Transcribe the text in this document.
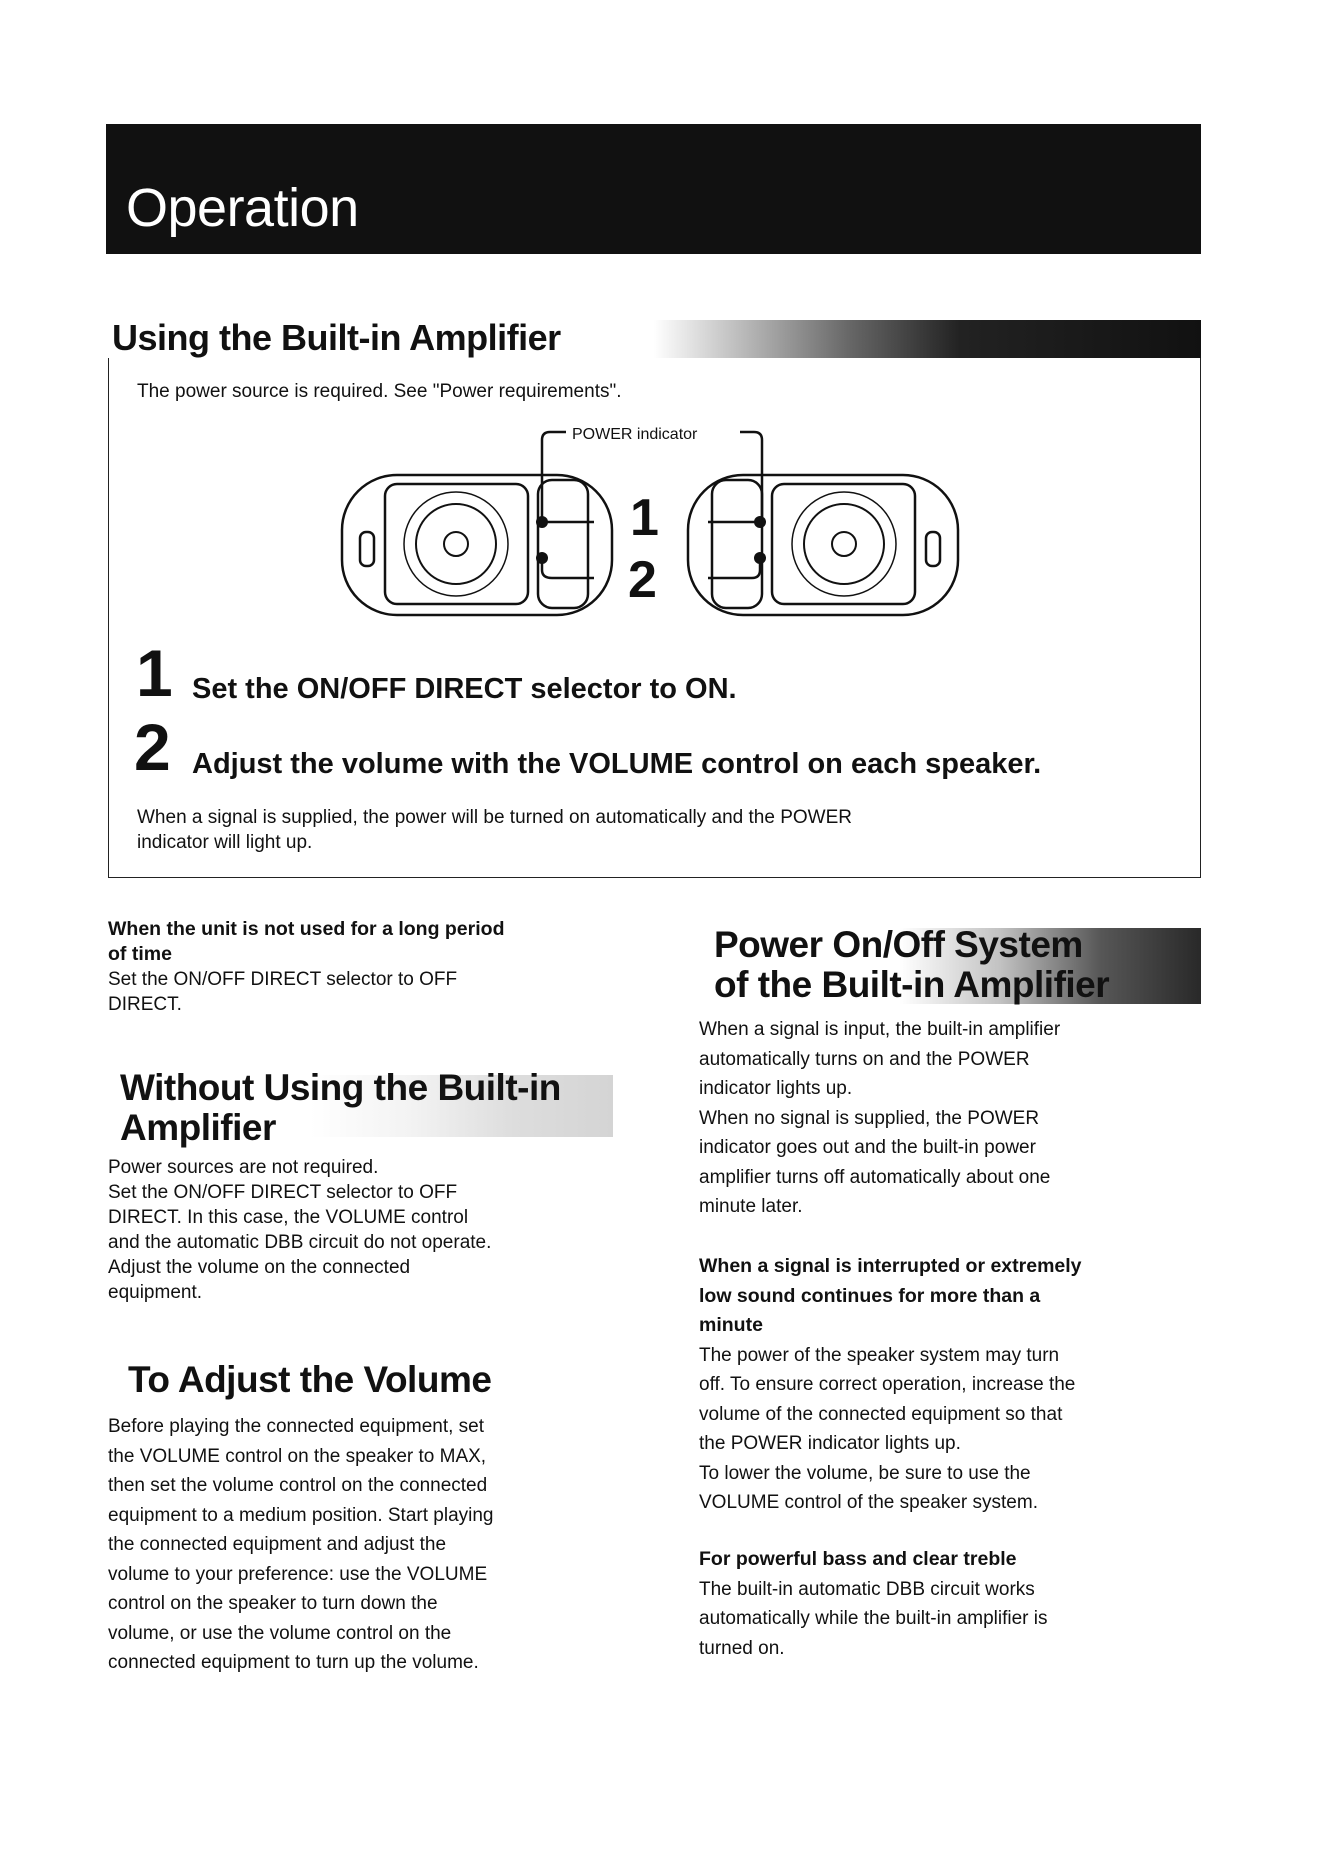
Operation
Using the Built-in Amplifier
The power source is required. See "Power requirements".
POWER indicator
1
2
1 Set the ON/OFF DIRECT selector to ON.
2 Adjust the volume with the VOLUME control on each speaker.
When a signal is supplied, the power will be turned on automatically and the POWER
indicator will light up.
When the unit is not used for a long period
of time
Set the ON/OFF DIRECT selector to OFF
DIRECT.
Without Using the Built-in
Amplifier
Power sources are not required.
Set the ON/OFF DIRECT selector to OFF
DIRECT. In this case, the VOLUME control
and the automatic DBB circuit do not operate.
Adjust the volume on the connected
equipment.
To Adjust the Volume
Before playing the connected equipment, set
the VOLUME control on the speaker to MAX,
then set the volume control on the connected
equipment to a medium position. Start playing
the connected equipment and adjust the
volume to your preference: use the VOLUME
control on the speaker to turn down the
volume, or use the volume control on the
connected equipment to turn up the volume.
Power On/Off System
of the Built-in Amplifier
When a signal is input, the built-in amplifier
automatically turns on and the POWER
indicator lights up.
When no signal is supplied, the POWER
indicator goes out and the built-in power
amplifier turns off automatically about one
minute later.
When a signal is interrupted or extremely
low sound continues for more than a
minute
The power of the speaker system may turn
off. To ensure correct operation, increase the
volume of the connected equipment so that
the POWER indicator lights up.
To lower the volume, be sure to use the
VOLUME control of the speaker system.
For powerful bass and clear treble
The built-in automatic DBB circuit works
automatically while the built-in amplifier is
turned on.
